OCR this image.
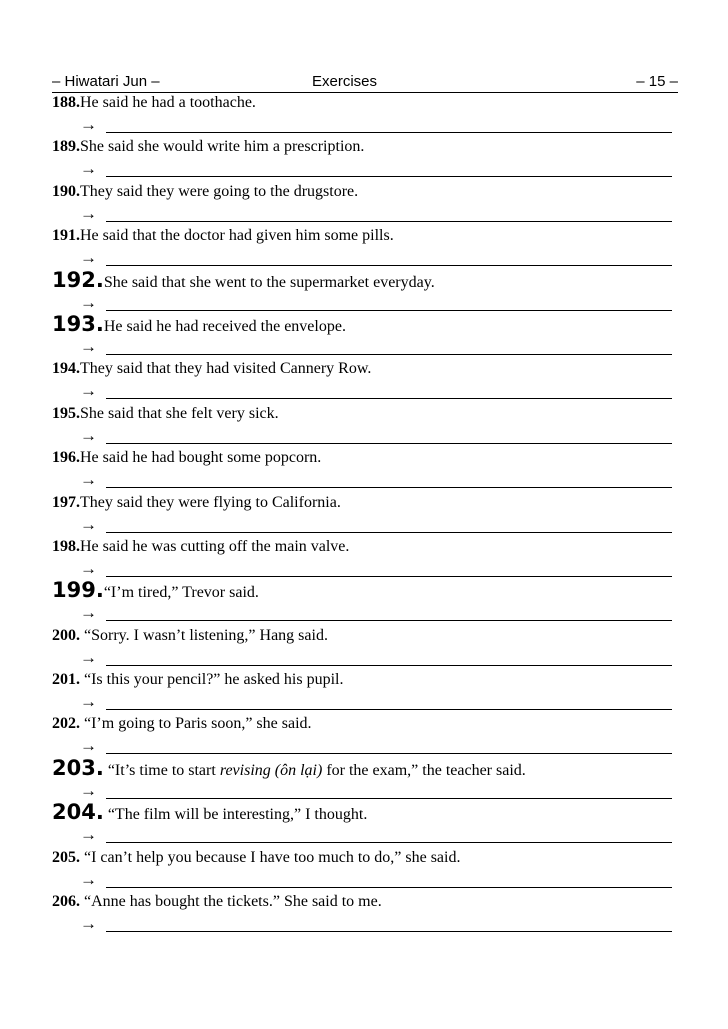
– Hiwatari Jun –	Exercises	– 15 –
188.He said he had a toothache.
→
189.She said she would write him a prescription.
→
190.They said they were going to the drugstore.
→
191.He said that the doctor had given him some pills.
→
192.She said that she went to the supermarket everyday.
→
193.He said he had received the envelope.
→
194.They said that they had visited Cannery Row.
→
195.She said that she felt very sick.
→
196.He said he had bought some popcorn.
→
197.They said they were flying to California.
→
198.He said he was cutting off the main valve.
→
199.“I’m tired,” Trevor said.
→
200. “Sorry. I wasn’t listening,” Hang said.
→
201. “Is this your pencil?” he asked his pupil.
→
202. “I’m going to Paris soon,” she said.
→
203. “It’s time to start revising (ôn lại) for the exam,” the teacher said.
→
204. “The film will be interesting,” I thought.
→
205. “I can’t help you because I have too much to do,” she said.
→
206. “Anne has bought the tickets.” She said to me.
→
